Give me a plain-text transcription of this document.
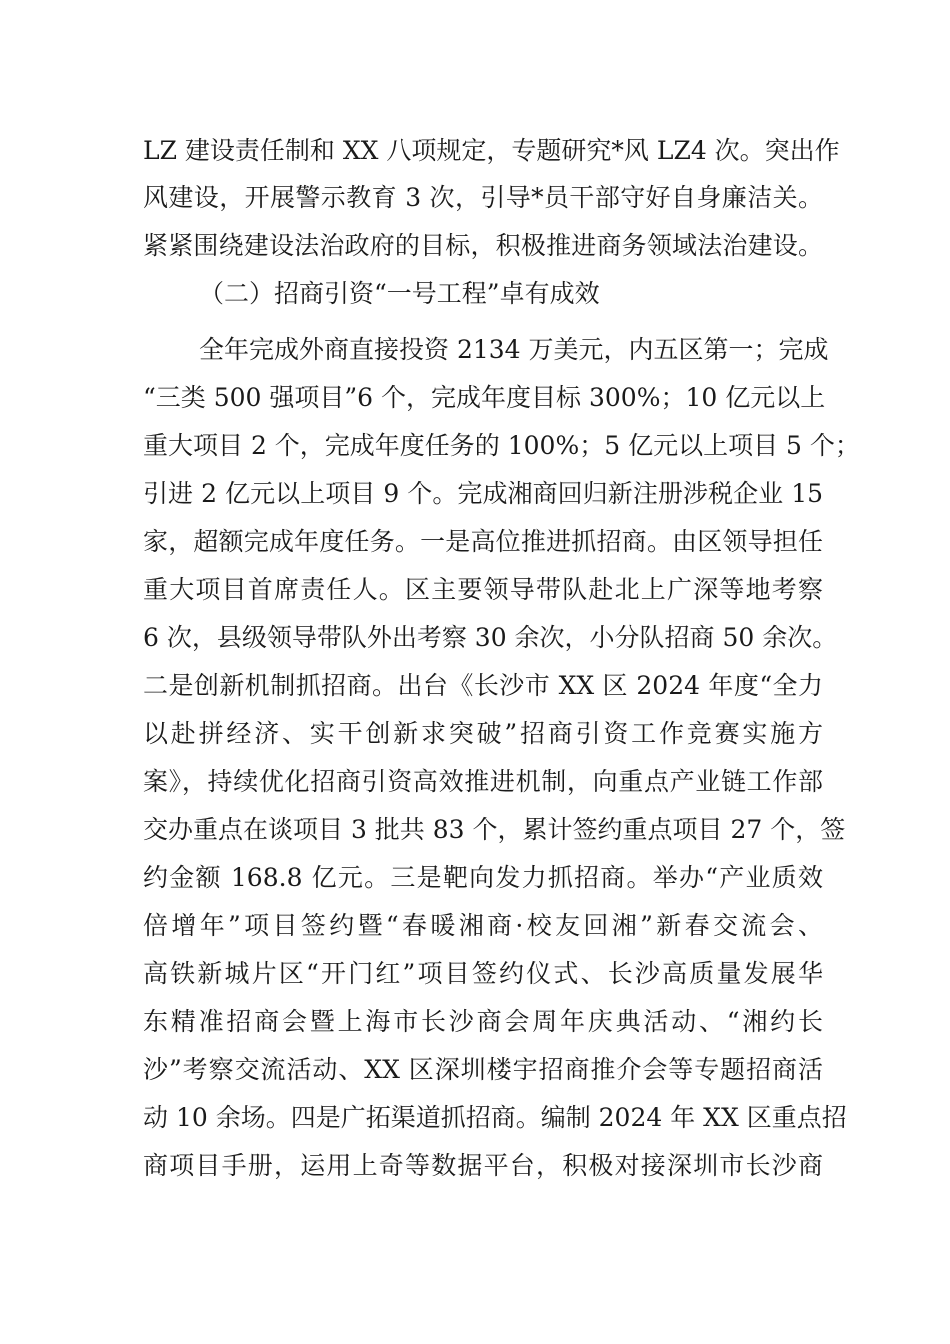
LZ 建设责任制和 XX 八项规定，专题研究*风 LZ4 次。突出作
风建设，开展警示教育 3 次，引导*员干部守好自身廉洁关。
紧紧围绕建设法治政府的目标，积极推进商务领域法治建设。
（二）招商引资“一号工程”卓有成效
全年完成外商直接投资 2134 万美元，内五区第一；完成
“三类 500 强项目”6 个，完成年度目标 300%；10 亿元以上
重大项目 2 个，完成年度任务的 100%；5 亿元以上项目 5 个；
引进 2 亿元以上项目 9 个。完成湘商回归新注册涉税企业 15
家，超额完成年度任务。一是高位推进抓招商。由区领导担任
重大项目首席责任人。区主要领导带队赴北上广深等地考察
6 次，县级领导带队外出考察 30 余次，小分队招商 50 余次。
二是创新机制抓招商。出台《长沙市 XX 区 2024 年度“全力
以赴拼经济、实干创新求突破”招商引资工作竞赛实施方
案》，持续优化招商引资高效推进机制，向重点产业链工作部
交办重点在谈项目 3 批共 83 个，累计签约重点项目 27 个，签
约金额 168.8 亿元。三是靶向发力抓招商。举办“产业质效
倍增年”项目签约暨“春暖湘商·校友回湘”新春交流会、
高铁新城片区“开门红”项目签约仪式、长沙高质量发展华
东精准招商会暨上海市长沙商会周年庆典活动、“湘约长
沙”考察交流活动、XX 区深圳楼宇招商推介会等专题招商活
动 10 余场。四是广拓渠道抓招商。编制 2024 年 XX 区重点招
商项目手册，运用上奇等数据平台，积极对接深圳市长沙商
